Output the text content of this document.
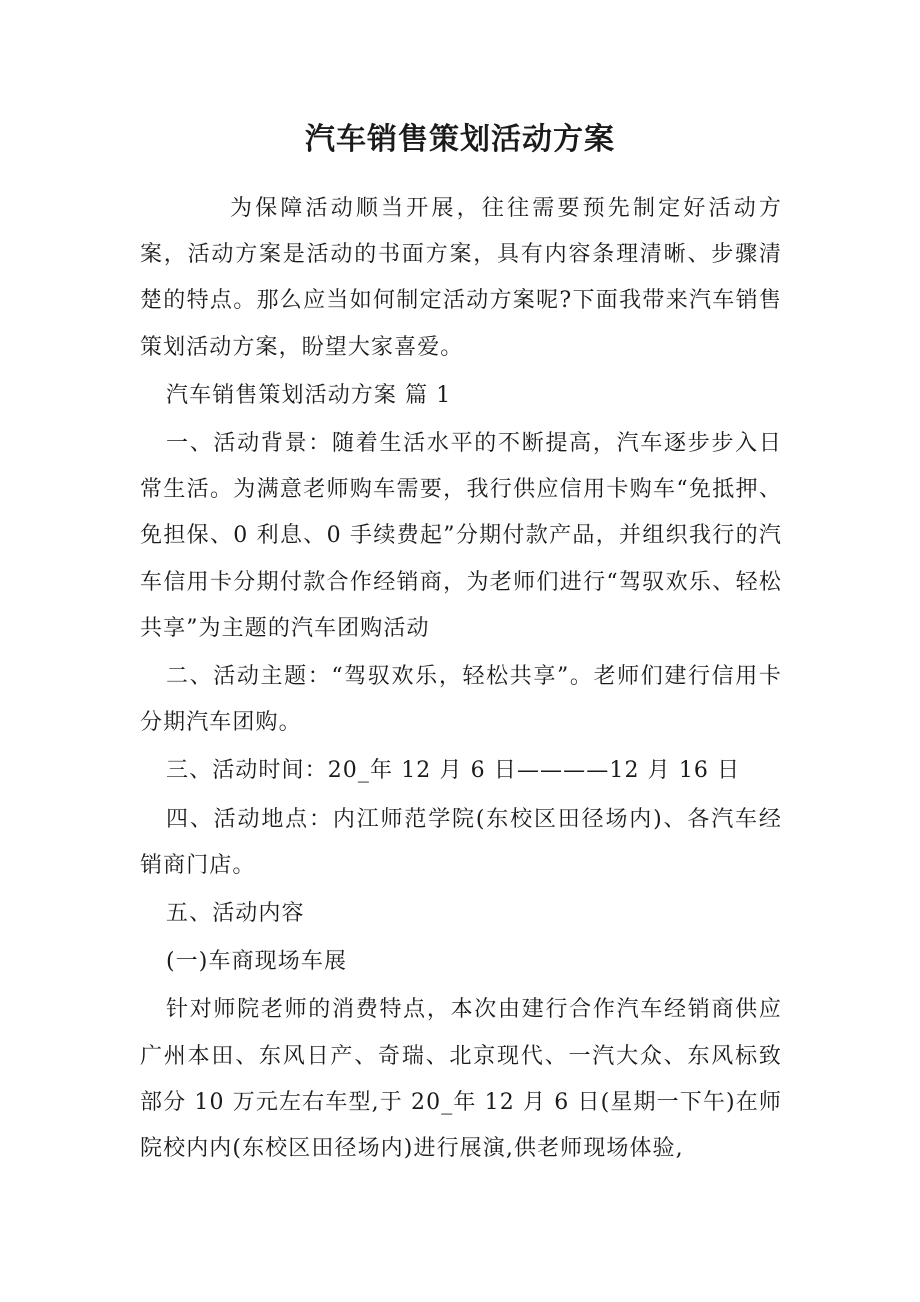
汽车销售策划活动方案

为保障活动顺当开展，往往需要预先制定好活动方案，活动方案是活动的书面方案，具有内容条理清晰、步骤清楚的特点。那么应当如何制定活动方案呢?下面我带来汽车销售策划活动方案，盼望大家喜爱。

汽车销售策划活动方案 篇 1

一、活动背景：随着生活水平的不断提高，汽车逐步步入日常生活。为满意老师购车需要，我行供应信用卡购车“免抵押、免担保、0 利息、0 手续费起”分期付款产品，并组织我行的汽车信用卡分期付款合作经销商，为老师们进行“驾驭欢乐、轻松共享”为主题的汽车团购活动

二、活动主题：“驾驭欢乐，轻松共享”。老师们建行信用卡分期汽车团购。

三、活动时间：20_年 12 月 6 日————12 月 16 日

四、活动地点：内江师范学院(东校区田径场内)、各汽车经销商门店。

五、活动内容

(一)车商现场车展

针对师院老师的消费特点，本次由建行合作汽车经销商供应广州本田、东风日产、奇瑞、北京现代、一汽大众、东风标致部分 10 万元左右车型,于 20_年 12 月 6 日(星期一下午)在师院校内内(东校区田径场内)进行展演,供老师现场体验,
